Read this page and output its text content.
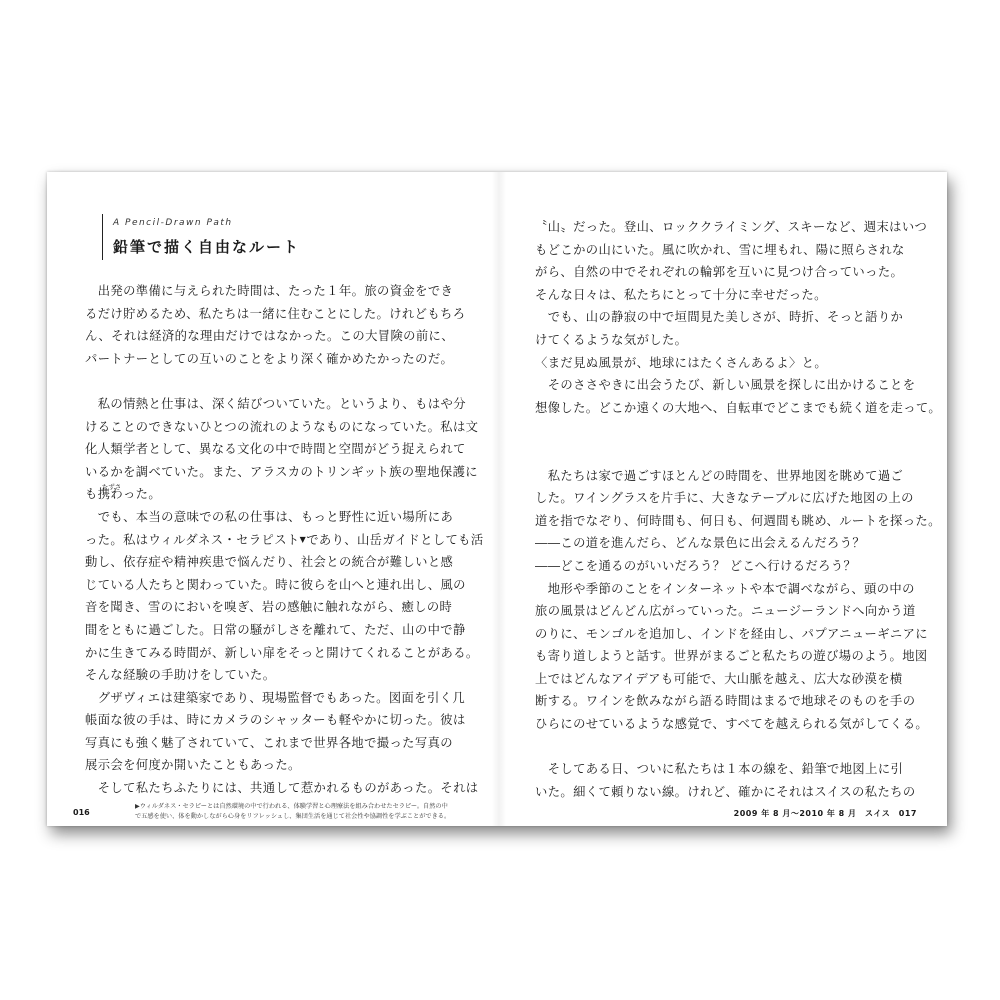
A Pencil-Drawn Path
鉛筆で描く自由なルート
　出発の準備に与えられた時間は、たった１年。旅の資金をでき
るだけ貯めるため、私たちは一緒に住むことにした。けれどもちろ
ん、それは経済的な理由だけではなかった。この大冒険の前に、
パートナーとしての互いのことをより深く確かめたかったのだ。
　私の情熱と仕事は、深く結びついていた。というより、もはや分
けることのできないひとつの流れのようなものになっていた。私は文
化人類学者として、異なる文化の中で時間と空間がどう捉えられて
いるかを調べていた。また、アラスカのトリンギット族の聖地保護に
も携
たずさ
わった。
　でも、本当の意味での私の仕事は、もっと野性に近い場所にあ
った。私はウィルダネス・セラピスト▼であり、山岳ガイドとしても活
動し、依存症や精神疾患で悩んだり、社会との統合が難しいと感
じている人たちと関わっていた。時に彼らを山へと連れ出し、風の
音を聞き、雪のにおいを嗅ぎ、岩の感触に触れながら、癒しの時
間をともに過ごした。日常の騒がしさを離れて、ただ、山の中で静
かに生きてみる時間が、新しい扉をそっと開けてくれることがある。
そんな経験の手助けをしていた。
　グザヴィエは建築家であり、現場監督でもあった。図面を引く几
帳面な彼の手は、時にカメラのシャッターも軽やかに切った。彼は
写真にも強く魅了されていて、これまで世界各地で撮った写真の
展示会を何度か開いたこともあった。
　そして私たちふたりには、共通して惹かれるものがあった。それは
▶ウィルダネス・セラピーとは自然環境の中で行われる、体験学習と心理療法を組み合わせたセラピー。自然の中
で五感を使い、体を動かしながら心身をリフレッシュし、集団生活を通じて社会性や協調性を学ぶことができる。
016
〝山〟だった。登山、ロッククライミング、スキーなど、週末はいつ
もどこかの山にいた。風に吹かれ、雪に埋もれ、陽に照らされな
がら、自然の中でそれぞれの輪郭を互いに見つけ合っていった。
そんな日々は、私たちにとって十分に幸せだった。
　でも、山の静寂の中で垣間見た美しさが、時折、そっと語りか
けてくるような気がした。
〈まだ見ぬ風景が、地球にはたくさんあるよ〉と。
　そのささやきに出会うたび、新しい風景を探しに出かけることを
想像した。どこか遠くの大地へ、自転車でどこまでも続く道を走って。
　私たちは家で過ごすほとんどの時間を、世界地図を眺めて過ご
した。ワイングラスを片手に、大きなテーブルに広げた地図の上の
道を指でなぞり、何時間も、何日も、何週間も眺め、ルートを探った。
――この道を進んだら、どんな景色に出会えるんだろう？
――どこを通るのがいいだろう？ どこへ行けるだろう？
　地形や季節のことをインターネットや本で調べながら、頭の中の
旅の風景はどんどん広がっていった。ニュージーランドへ向かう道
のりに、モンゴルを追加し、インドを経由し、パプアニューギニアに
も寄り道しようと話す。世界がまるごと私たちの遊び場のよう。地図
上ではどんなアイデアも可能で、大山脈を越え、広大な砂漠を横
断する。ワインを飲みながら語る時間はまるで地球そのものを手の
ひらにのせているような感覚で、すべてを越えられる気がしてくる。
　そしてある日、ついに私たちは１本の線を、鉛筆で地図上に引
いた。細くて頼りない線。けれど、確かにそれはスイスの私たちの
2009 年 8 月〜2010 年 8 月　スイス　017
